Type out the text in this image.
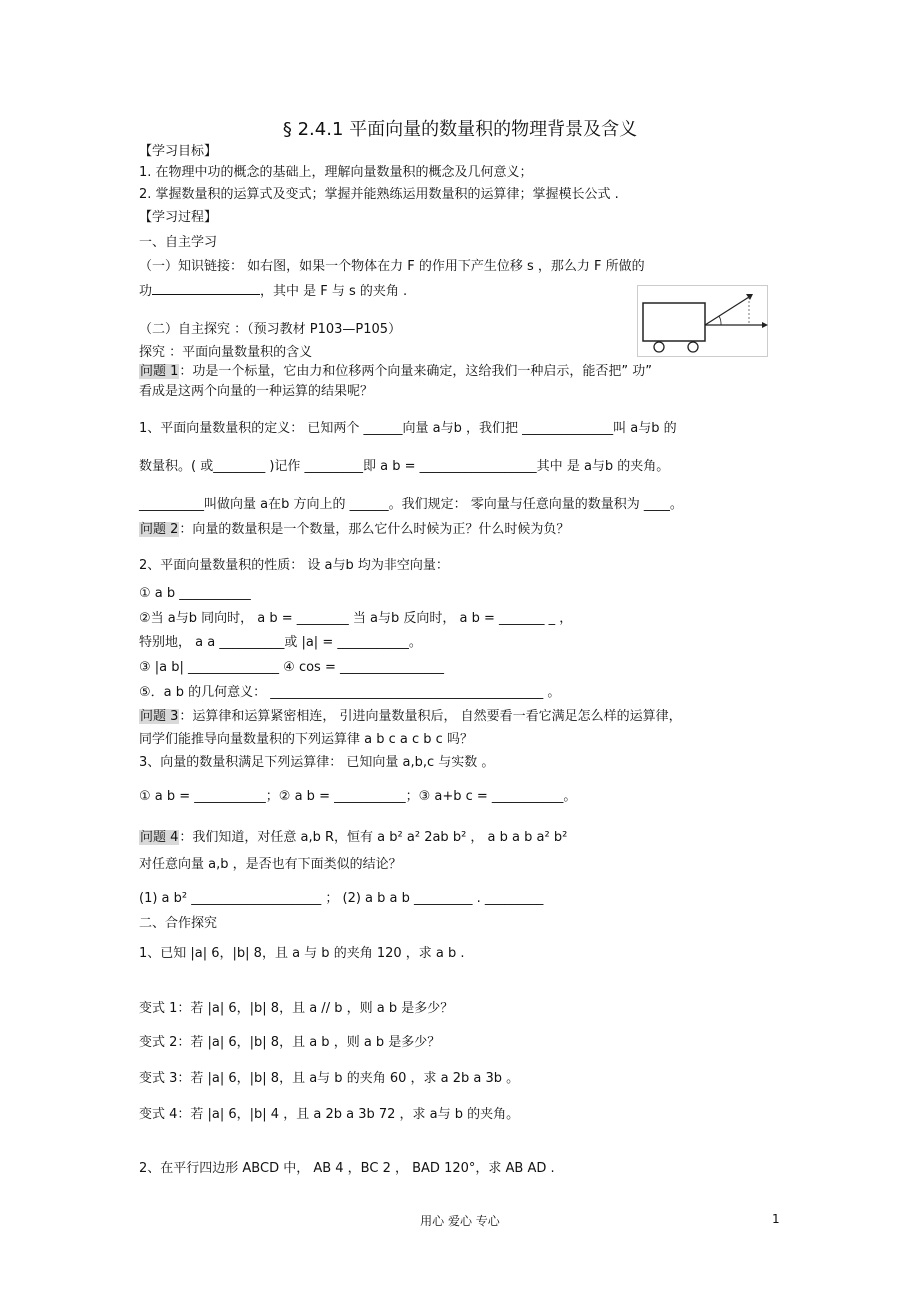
§ 2.4.1 平面向量的数量积的物理背景及含义
【学习目标】
1. 在物理中功的概念的基础上，理解向量数量积的概念及几何意义；
2. 掌握数量积的运算式及变式；掌握并能熟练运用数量积的运算律；掌握模长公式 .
【学习过程】
一、自主学习
（一）知识链接： 如右图，如果一个物体在力 F 的作用下产生位移 s ，那么力 F 所做的
功	，其中 是 F 与 s 的夹角 .
（二）自主探究 ：（预习教材 P103—P105）
探究 ：平面向量数量积的含义
问题 1：功是一个标量，它由力和位移两个向量来确定，这给我们一种启示，能否把” 功”
看成是这两个向量的一种运算的结果呢？
1、平面向量数量积的定义： 已知两个 ______向量 a与b ，我们把 ______________叫 a与b 的
数量积。( 或________ )记作 _________即 a b = __________________其中 是 a与b 的夹角。
__________叫做向量 a在b 方向上的 ______。我们规定： 零向量与任意向量的数量积为 ____。
问题 2：向量的数量积是一个数量，那么它什么时候为正？什么时候为负？
2、平面向量数量积的性质： 设 a与b 均为非空向量：
① a b ___________
②当 a与b 同向时， a b = ________ 当 a与b 反向时， a b = _______ _ ，
特别地， a a __________或 |a| = ___________。
③ |a b| ______________ ④ cos = ________________
⑤．a b 的几何意义： __________________________________________ 。
问题 3：运算律和运算紧密相连， 引进向量数量积后， 自然要看一看它满足怎么样的运算律，
同学们能推导向量数量积的下列运算律 a b c a c b c 吗？
3、向量的数量积满足下列运算律： 已知向量 a,b,c 与实数 。
① a b = ___________；② a b = ___________；③ a+b c = ___________。
问题 4：我们知道，对任意 a,b R，恒有 a b² a² 2ab b² ， a b a b a² b²
对任意向量 a,b ，是否也有下面类似的结论？
(1) a b² ____________________ ； (2) a b a b _________ . _________
二、合作探究
1、已知 |a| 6，|b| 8，且 a 与 b 的夹角 120 ，求 a b .
变式 1：若 |a| 6，|b| 8，且 a // b ，则 a b 是多少？
变式 2：若 |a| 6，|b| 8，且 a b ，则 a b 是多少？
变式 3：若 |a| 6，|b| 8，且 a与 b 的夹角 60 ，求 a 2b a 3b 。
变式 4：若 |a| 6，|b| 4 ，且 a 2b a 3b 72 ，求 a与 b 的夹角。
2、在平行四边形 ABCD 中， AB 4 ，BC 2 ， BAD 120°，求 AB AD .
用心 爱心 专心	1
